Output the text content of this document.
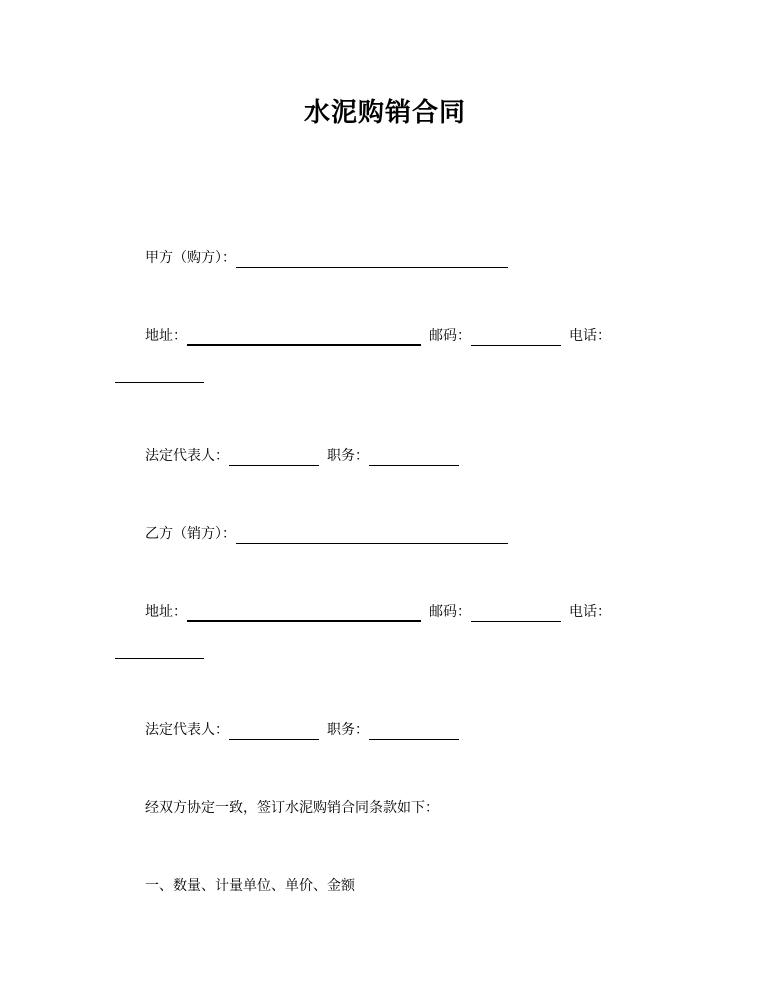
水泥购销合同
甲方（购方）：
地址：	邮码：	电话：
法定代表人：	职务：
乙方（销方）：
地址：	邮码：	电话：
法定代表人：	职务：
经双方协定一致，签订水泥购销合同条款如下：
一、数量、计量单位、单价、金额
